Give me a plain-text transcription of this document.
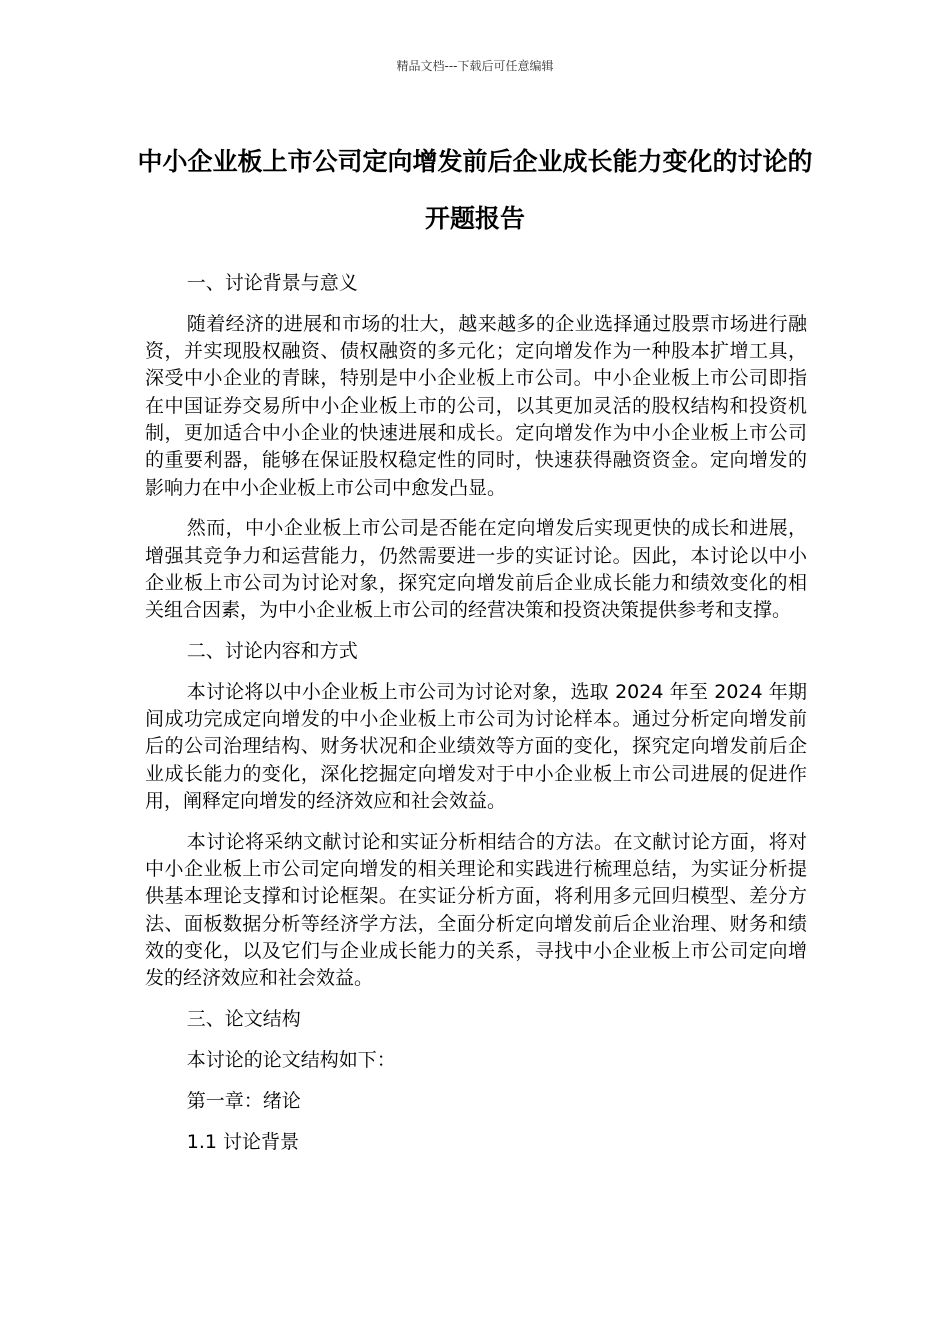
精品文档---下载后可任意编辑
中小企业板上市公司定向增发前后企业成长能力变化的讨论的开题报告

一、讨论背景与意义

随着经济的进展和市场的壮大，越来越多的企业选择通过股票市场进行融资，并实现股权融资、债权融资的多元化；定向增发作为一种股本扩增工具，深受中小企业的青睐，特别是中小企业板上市公司。中小企业板上市公司即指在中国证券交易所中小企业板上市的公司，以其更加灵活的股权结构和投资机制，更加适合中小企业的快速进展和成长。定向增发作为中小企业板上市公司的重要利器，能够在保证股权稳定性的同时，快速获得融资资金。定向增发的影响力在中小企业板上市公司中愈发凸显。

然而，中小企业板上市公司是否能在定向增发后实现更快的成长和进展，增强其竞争力和运营能力，仍然需要进一步的实证讨论。因此，本讨论以中小企业板上市公司为讨论对象，探究定向增发前后企业成长能力和绩效变化的相关组合因素，为中小企业板上市公司的经营决策和投资决策提供参考和支撑。

二、讨论内容和方式

本讨论将以中小企业板上市公司为讨论对象，选取 2024 年至 2024 年期间成功完成定向增发的中小企业板上市公司为讨论样本。通过分析定向增发前后的公司治理结构、财务状况和企业绩效等方面的变化，探究定向增发前后企业成长能力的变化，深化挖掘定向增发对于中小企业板上市公司进展的促进作用，阐释定向增发的经济效应和社会效益。

本讨论将采纳文献讨论和实证分析相结合的方法。在文献讨论方面，将对中小企业板上市公司定向增发的相关理论和实践进行梳理总结，为实证分析提供基本理论支撑和讨论框架。在实证分析方面，将利用多元回归模型、差分方法、面板数据分析等经济学方法，全面分析定向增发前后企业治理、财务和绩效的变化，以及它们与企业成长能力的关系，寻找中小企业板上市公司定向增发的经济效应和社会效益。

三、论文结构

本讨论的论文结构如下：

第一章：绪论

1.1 讨论背景
